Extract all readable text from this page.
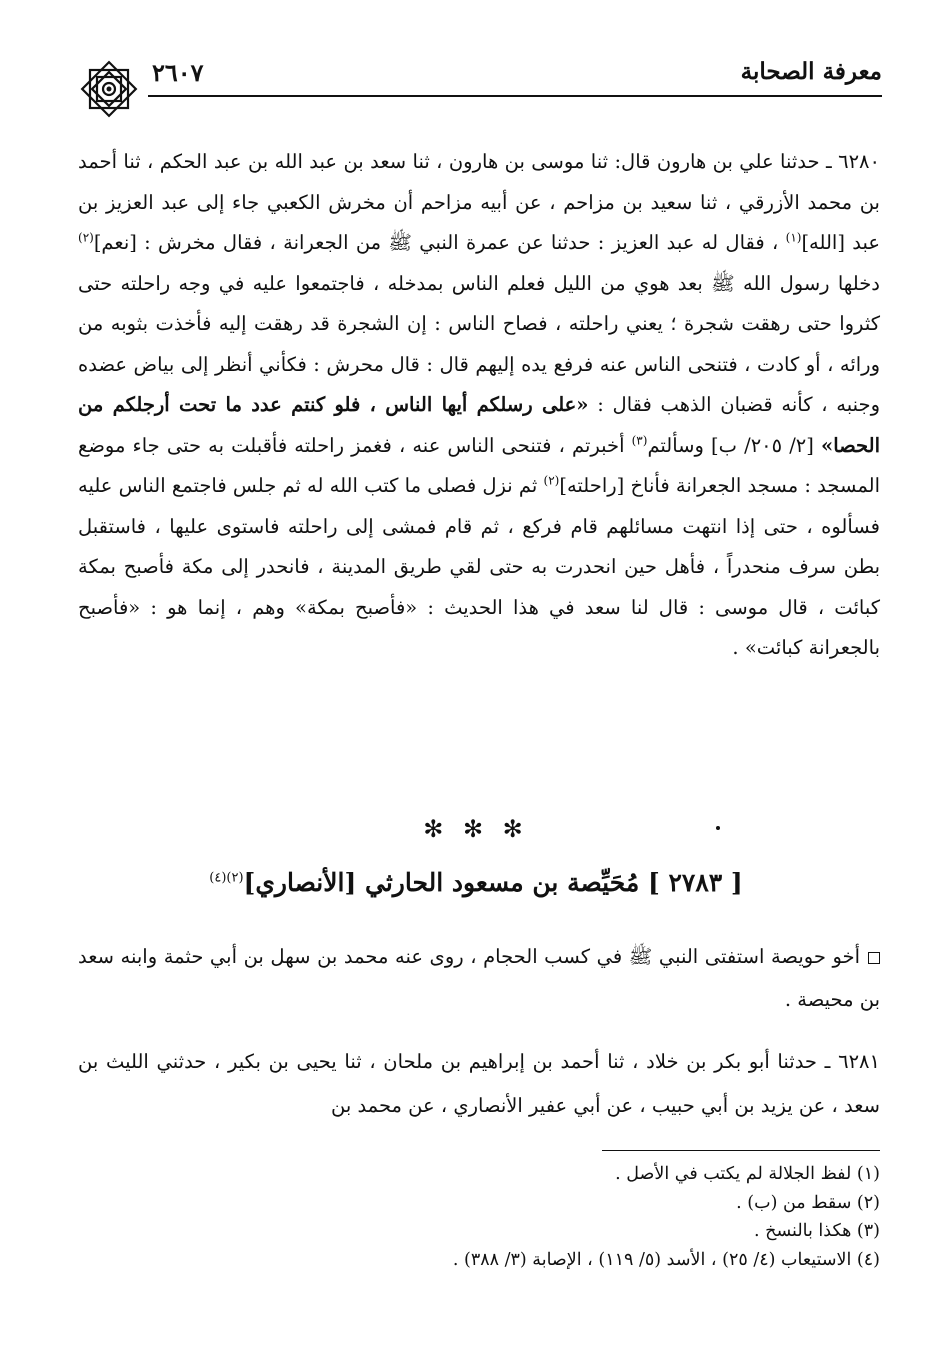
معرفة الصحابة
٢٦٠٧

٦٢٨٠ ـ حدثنا علي بن هارون قال: ثنا موسى بن هارون ، ثنا سعد بن عبد الله بن عبد الحكم ، ثنا أحمد بن محمد الأزرقي ، ثنا سعيد بن مزاحم ، عن أبيه مزاحم أن مخرش الكعبي جاء إلى عبد العزيز بن عبد [الله]$^{(١)}$ ، فقال له عبد العزيز : حدثنا عن عمرة النبي ﷺ من الجعرانة ، فقال مخرش : [نعم]$^{(٢)}$ دخلها رسول الله ﷺ بعد هوي من الليل فعلم الناس بمدخله ، فاجتمعوا عليه في وجه راحلته حتى كثروا حتى رهقت شجرة ؛ يعني راحلته ، فصاح الناس : إن الشجرة قد رهقت إليه فأخذت بثوبه من ورائه ، أو كادت ، فتنحى الناس عنه فرفع يده إليهم قال : قال محرش : فكأني أنظر إلى بياض عضده وجنبه ، كأنه قضبان الذهب فقال : «على رسلكم أيها الناس ، فلو كنتم عدد ما تحت أرجلكم من الحصا» [٢/ ٢٠٥/ ب] وسألتم$^{(٣)}$ أخبرتم ، فتنحى الناس عنه ، فغمز راحلته فأقبلت به حتى جاء موضع المسجد : مسجد الجعرانة فأناخ [راحلته]$^{(٢)}$ ثم نزل فصلى ما كتب الله له ثم جلس فاجتمع الناس عليه فسألوه ، حتى إذا انتهت مسائلهم قام فركع ، ثم قام فمشى إلى راحلته فاستوى عليها ، فاستقبل بطن سرف منحدراً ، فأهل حين انحدرت به حتى لقي طريق المدينة ، فانحدر إلى مكة فأصبح بمكة كبائت ، قال موسى : قال لنا سعد في هذا الحديث : «فأصبح بمكة» وهم ، إنما هو : «فأصبح بالجعرانة كبائت» .

✻ ✻ ✻
[ ٢٧٨٣ ] مُحَيِّصة بن مسعود الحارثي [الأنصاري]$^{(٢)(٤)}$

أخو حويصة استفتى النبي ﷺ في كسب الحجام ، روى عنه محمد بن سهل بن أبي حثمة وابنه سعد بن محيصة .

٦٢٨١ ـ حدثنا أبو بكر بن خلاد ، ثنا أحمد بن إبراهيم بن ملحان ، ثنا يحيى بن بكير ، حدثني الليث بن سعد ، عن يزيد بن أبي حبيب ، عن أبي عفير الأنصاري ، عن محمد بن

(١) لفظ الجلالة لم يكتب في الأصل .
(٢) سقط من (ب) .
(٣) هكذا بالنسخ .
(٤) الاستيعاب (٤/ ٢٥) ، الأسد (٥/ ١١٩) ، الإصابة (٣/ ٣٨٨) .
